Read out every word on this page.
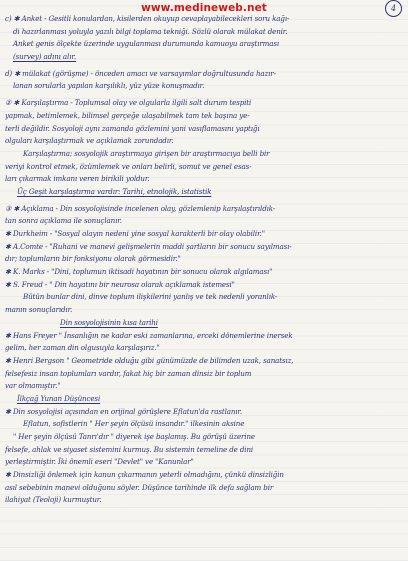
www.medineweb.net	4

c) ✱ Anket - Gesitli konulardan, kisilerden okuyup cevaplayabilecekleri soru kağı-

di hazırlanması yoluyla yazılı bilgi toplama tekniği. Sözlü olarak mülakat denir.

Anket genis ölçekte üzerinde uygulanması durumunda kamuoyu araştırması

(survey) adını alır.

d) ✱ mülakat (görüşme) - önceden amacı ve varsayımlar doğrultusunda hazır-

lanan sorularla yapılan karşılıklı, yüz yüze konuşmadır.

② ✱ Karşılaştırma - Toplumsal olay ve olgularla ilgili salt durum tespiti

yapmak, betimlemek, bilimsel gerçeğe ulaşabilmek tam tek başına ye-

terli değildir. Sosyoloji aynı zamanda gözlemini yani vasıflamasını yaptığı

olguları karşılaştırmak ve açıklamak zorundadır.

Karşılaştırma; sosyolojik araştırmaya girişen bir araştırmacıya belli bir

veriyi kontrol etmek, özümlemek ve onları belirli, somut ve genel esas-

ları çıkarmak imkanı veren birikili yoldur.

Üç Geşit karşılaştırma vardır: Tarihi, etnolojik, istatistik

③ ✱ Açıklama - Din sosyolojisinde incelenen olay, gözlemlenip karşılaştırıldık-

tan sonra açıklama ile sonuçlanır.

✱ Durkheim - "Sosyal olayın nedeni yine sosyal karakterli bir olay olabilir."

✱ A.Comte - "Ruhani ve manevi gelişmelerin maddi şartların bir sonucu sayılması-

dır; toplumların bir fonksiyonu olarak görmesidir."

✱ K. Marks - "Dini, toplumun iktisadi hayatının bir sonucu olarak algılaması"

✱ S. Freud - " Din hayatını bir neurosa olarak açıklamak istemesi"

Bütün bunlar dini, dinve toplum ilişkilerini yanlış ve tek nedenli yoranlık-

manın sonuçlarıdır.

Din sosyolojisinin kısa tarihi

✱ Hans Freyer " İnsanlığın ne kadar eski zamanlarına, erceki dönemlerine inersek

gelim, her zaman din olgusuyla karşılaşırız."

✱ Henri Bergson " Geometride olduğu gibi günümüzde de bilimden uzak, sanatsız,

felsefesiz insan toplumları vardır, fakat hiç bir zaman dinsiz bir toplum

var olmamıştır."

İlkçağ Yunan Düşüncesi

✱ Din sosyolojisi açısından en orijinal görüşlere Eflatun'da rastlanır.

Eflatun, sofistlerin " Her şeyin ölçüsü insandır." ilkesinin aksine

" Her şeyin ölçüsü Tanrı'dır " diyerek işe başlamış. Bu görüşü üzerine

felsefe, ahlak ve siyaset sistemini kurmuş. Bu sistemin temeline de dini

yerleştirmiştir. İki önemli eseri "Devlet" ve "Kanunlar"

✱ Dinsizliği önlemek için kanun çıkarmanın yeterli olmadığını, çünkü dinsizliğin

asıl sebebinin manevi olduğunu söyler. Düşünce tarihinde ilk defa sağlam bir

ilahiyat (Teoloji) kurmuştur.
